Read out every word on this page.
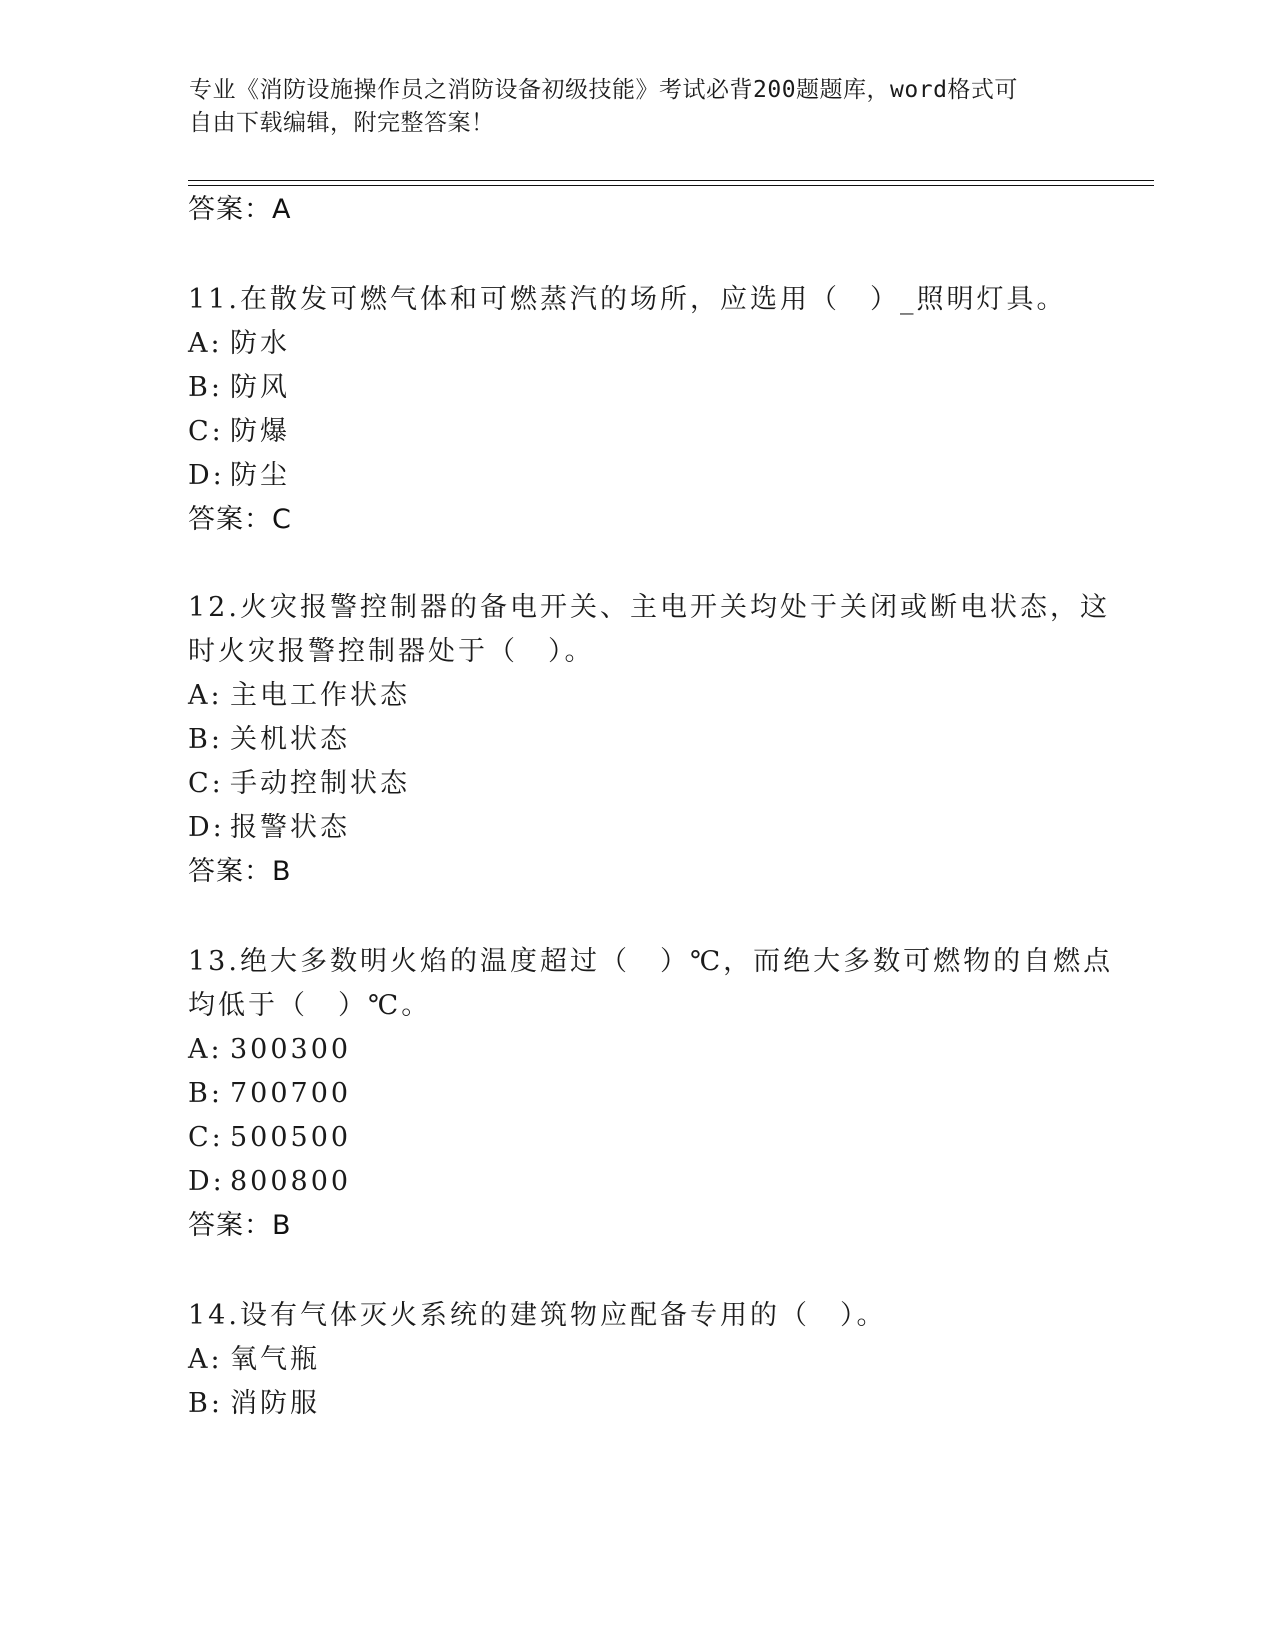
专业《消防设施操作员之消防设备初级技能》考试必背200题题库，word格式可
自由下载编辑，附完整答案！
答案：A
11.在散发可燃气体和可燃蒸汽的场所，应选用（　）_照明灯具。
A: 防水
B: 防风
C: 防爆
D: 防尘
答案：C
12.火灾报警控制器的备电开关、主电开关均处于关闭或断电状态，这
时火灾报警控制器处于（　）。
A: 主电工作状态
B: 关机状态
C: 手动控制状态
D: 报警状态
答案：B
13.绝大多数明火焰的温度超过（　）℃，而绝大多数可燃物的自燃点
均低于（　）℃。
A: 300300
B: 700700
C: 500500
D: 800800
答案：B
14.设有气体灭火系统的建筑物应配备专用的（　）。
A: 氧气瓶
B: 消防服
